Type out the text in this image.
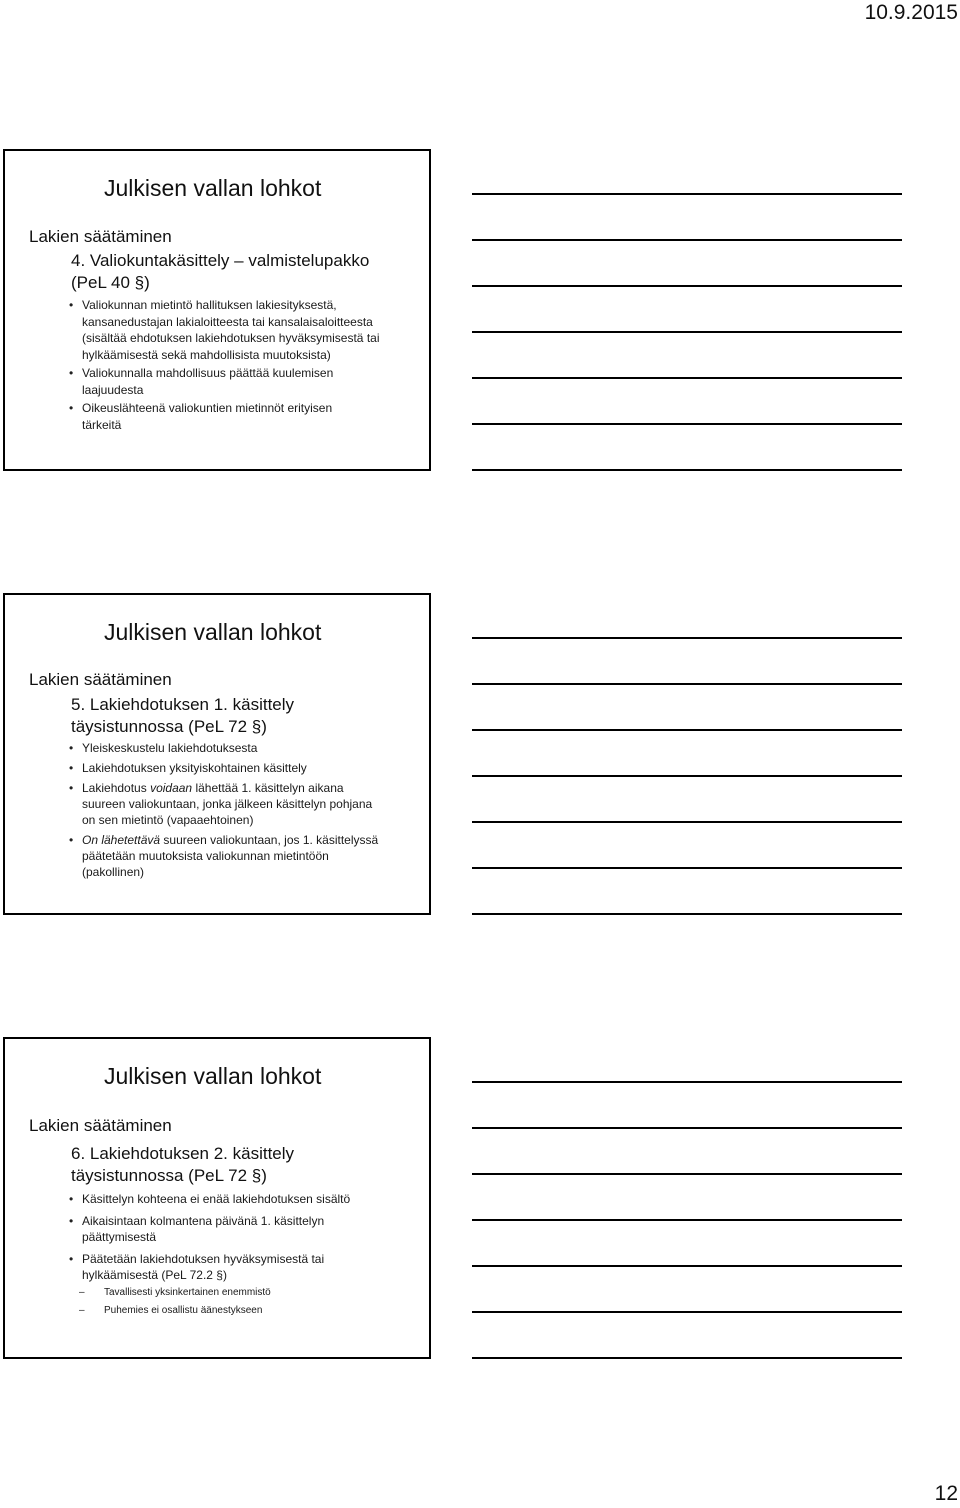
10.9.2015
Julkisen vallan lohkot
Lakien säätäminen
4. Valiokuntakäsittely – valmistelupakko
(PeL 40 §)
• Valiokunnan mietintö hallituksen lakiesityksestä,
kansanedustajan lakialoitteesta tai kansalaisaloitteesta
(sisältää ehdotuksen lakiehdotuksen hyväksymisestä tai
hylkäämisestä sekä mahdollisista muutoksista)
• Valiokunnalla mahdollisuus päättää kuulemisen
laajuudesta
• Oikeuslähteenä valiokuntien mietinnöt erityisen
tärkeitä
Julkisen vallan lohkot
Lakien säätäminen
5. Lakiehdotuksen 1. käsittely
täysistunnossa (PeL 72 §)
• Yleiskeskustelu lakiehdotuksesta
• Lakiehdotuksen yksityiskohtainen käsittely
• Lakiehdotus voidaan lähettää 1. käsittelyn aikana
suureen valiokuntaan, jonka jälkeen käsittelyn pohjana
on sen mietintö (vapaaehtoinen)
• On lähetettävä suureen valiokuntaan, jos 1. käsittelyssä
päätetään muutoksista valiokunnan mietintöön
(pakollinen)
Julkisen vallan lohkot
Lakien säätäminen
6. Lakiehdotuksen 2. käsittely
täysistunnossa (PeL 72 §)
• Käsittelyn kohteena ei enää lakiehdotuksen sisältö
• Aikaisintaan kolmantena päivänä 1. käsittelyn
päättymisestä
• Päätetään lakiehdotuksen hyväksymisestä tai
hylkäämisestä (PeL 72.2 §)
–	Tavallisesti yksinkertainen enemmistö
–	Puhemies ei osallistu äänestykseen
12
